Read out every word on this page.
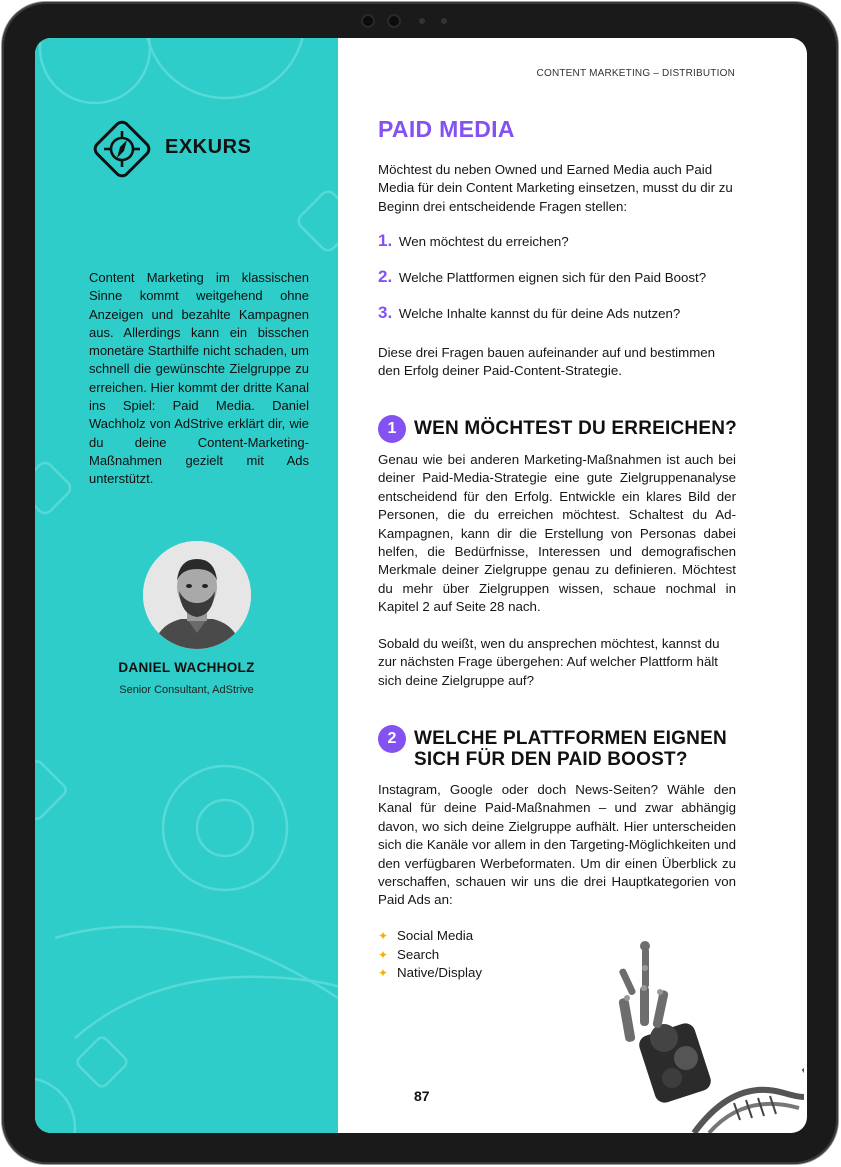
EXKURS
Content Marketing im klassischen Sinne kommt weitgehend ohne Anzeigen und bezahlte Kampagnen aus. Allerdings kann ein bisschen monetäre Starthilfe nicht schaden, um schnell die gewünschte Zielgruppe zu erreichen. Hier kommt der dritte Kanal ins Spiel: Paid Media. Daniel Wachholz von AdStrive erklärt dir, wie du deine Content-Marketing-Maßnahmen gezielt mit Ads unterstützt.
DANIEL WACHHOLZ
Senior Consultant, AdStrive
CONTENT MARKETING – DISTRIBUTION
PAID MEDIA
Möchtest du neben Owned und Earned Media auch Paid Media für dein Content Marketing einsetzen, musst du dir zu Beginn drei entscheidende Fragen stellen:
1. Wen möchtest du erreichen?
2. Welche Plattformen eignen sich für den Paid Boost?
3. Welche Inhalte kannst du für deine Ads nutzen?
Diese drei Fragen bauen aufeinander auf und bestimmen den Erfolg deiner Paid-Content-Strategie.
1 WEN MÖCHTEST DU ERREICHEN?
Genau wie bei anderen Marketing-Maßnahmen ist auch bei deiner Paid-Media-Strategie eine gute Zielgruppenanalyse entscheidend für den Erfolg. Entwickle ein klares Bild der Personen, die du erreichen möchtest. Schaltest du Ad-Kampagnen, kann dir die Erstellung von Personas dabei helfen, die Bedürfnisse, Interessen und demografischen Merkmale deiner Zielgruppe genau zu definieren. Möchtest du mehr über Zielgruppen wissen, schaue nochmal in Kapitel 2 auf Seite 28 nach.
Sobald du weißt, wen du ansprechen möchtest, kannst du zur nächsten Frage übergehen: Auf welcher Plattform hält sich deine Zielgruppe auf?
2 WELCHE PLATTFORMEN EIGNEN
SICH FÜR DEN PAID BOOST?
Instagram, Google oder doch News-Seiten? Wähle den Kanal für deine Paid-Maßnahmen – und zwar abhängig davon, wo sich deine Zielgruppe aufhält. Hier unterscheiden sich die Kanäle vor allem in den Targeting-Möglichkeiten und den verfügbaren Werbeformaten. Um dir einen Überblick zu verschaffen, schauen wir uns die drei Hauptkategorien von Paid Ads an:
✦ Social Media
✦ Search
✦ Native/Display
87
